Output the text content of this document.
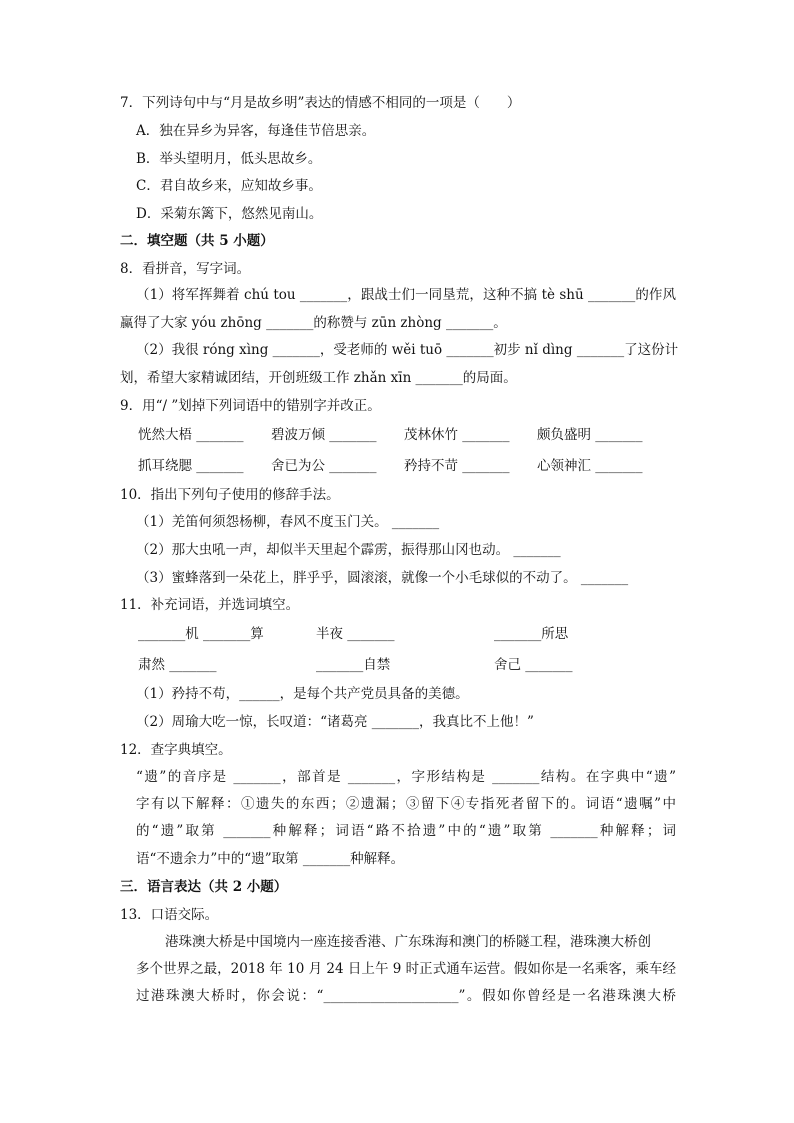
7．下列诗句中与“月是故乡明”表达的情感不相同的一项是（　　）
A．独在异乡为异客，每逢佳节倍思亲。
B．举头望明月，低头思故乡。
C．君自故乡来，应知故乡事。
D．采菊东篱下，悠然见南山。
二．填空题（共 5 小题）
8．看拼音，写字词。
（1）将军挥舞着 chú tou _______，跟战士们一同垦荒，这种不搞 tè shū _______的作风
赢得了大家 yóu zhōng _______的称赞与 zūn zhòng _______。
（2）我很 róng xìng _______，受老师的 wěi tuō _______初步 nǐ dìng _______了这份计
划，希望大家精诚团结，开创班级工作 zhǎn xīn _______的局面。
9．用“/ ”划掉下列词语中的错别字并改正。
恍然大梧 _______ 碧波万倾 _______ 茂林休竹 _______ 颇负盛明 _______
抓耳绕腮 _______ 舍已为公 _______ 矜持不苛 _______ 心领神汇 _______
10．指出下列句子使用的修辞手法。
（1）羌笛何须怨杨柳，春风不度玉门关。 _______
（2）那大虫吼一声，却似半天里起个霹雳，振得那山冈也动。 _______
（3）蜜蜂落到一朵花上，胖乎乎，圆滚滚，就像一个小毛球似的不动了。 _______
11．补充词语，并选词填空。
_______机 _______算	半夜 _______	_______所思
肃然 _______	_______自禁	舍己 _______
（1）矜持不苟，______，是每个共产党员具备的美德。
（2）周瑜大吃一惊，长叹道：“诸葛亮 _______，我真比不上他！”
12．查字典填空。
“遗”的音序是 _______，部首是 _______，字形结构是 _______结构。在字典中“遗”
字有以下解释：①遗失的东西；②遗漏；③留下④专指死者留下的。词语“遗嘱”中
的“遗”取第 _______种解释；词语“路不拾遗”中的“遗”取第 _______种解释；词
语“不遗余力”中的“遗”取第 _______种解释。
三．语言表达（共 2 小题）
13．口语交际。
港珠澳大桥是中国境内一座连接香港、广东珠海和澳门的桥隧工程，港珠澳大桥创
多个世界之最，2018 年 10 月 24 日上午 9 时正式通车运营。假如你是一名乘客，乘车经
过港珠澳大桥时，你会说：“____________________”。假如你曾经是一名港珠澳大桥
